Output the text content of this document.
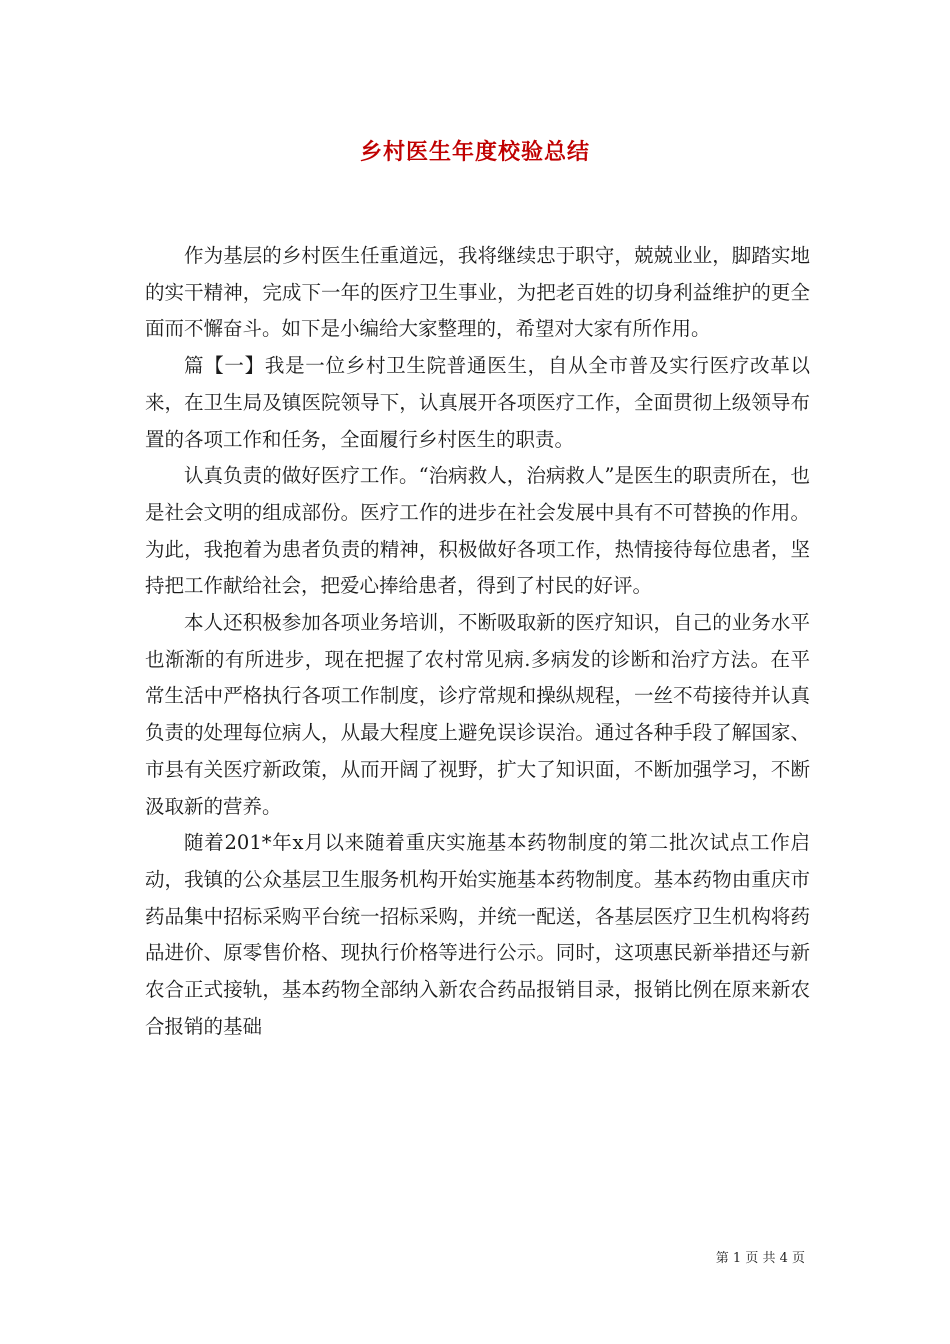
乡村医生年度校验总结

作为基层的乡村医生任重道远，我将继续忠于职守，兢兢业业，脚踏实地的实干精神，完成下一年的医疗卫生事业，为把老百姓的切身利益维护的更全面而不懈奋斗。如下是小编给大家整理的，希望对大家有所作用。

篇【一】我是一位乡村卫生院普通医生，自从全市普及实行医疗改革以来，在卫生局及镇医院领导下，认真展开各项医疗工作，全面贯彻上级领导布置的各项工作和任务，全面履行乡村医生的职责。

认真负责的做好医疗工作。“治病救人，治病救人”是医生的职责所在，也是社会文明的组成部份。医疗工作的进步在社会发展中具有不可替换的作用。为此，我抱着为患者负责的精神，积极做好各项工作，热情接待每位患者，坚持把工作献给社会，把爱心捧给患者，得到了村民的好评。

本人还积极参加各项业务培训，不断吸取新的医疗知识，自己的业务水平也渐渐的有所进步，现在把握了农村常见病.多病发的诊断和治疗方法。在平常生活中严格执行各项工作制度，诊疗常规和操纵规程，一丝不苟接待并认真负责的处理每位病人，从最大程度上避免误诊误治。通过各种手段了解国家、市县有关医疗新政策，从而开阔了视野，扩大了知识面，不断加强学习，不断汲取新的营养。

随着201*年x月以来随着重庆实施基本药物制度的第二批次试点工作启动，我镇的公众基层卫生服务机构开始实施基本药物制度。基本药物由重庆市药品集中招标采购平台统一招标采购，并统一配送，各基层医疗卫生机构将药品进价、原零售价格、现执行价格等进行公示。同时，这项惠民新举措还与新农合正式接轨，基本药物全部纳入新农合药品报销目录，报销比例在原来新农合报销的基础

第 1 页 共 4 页
